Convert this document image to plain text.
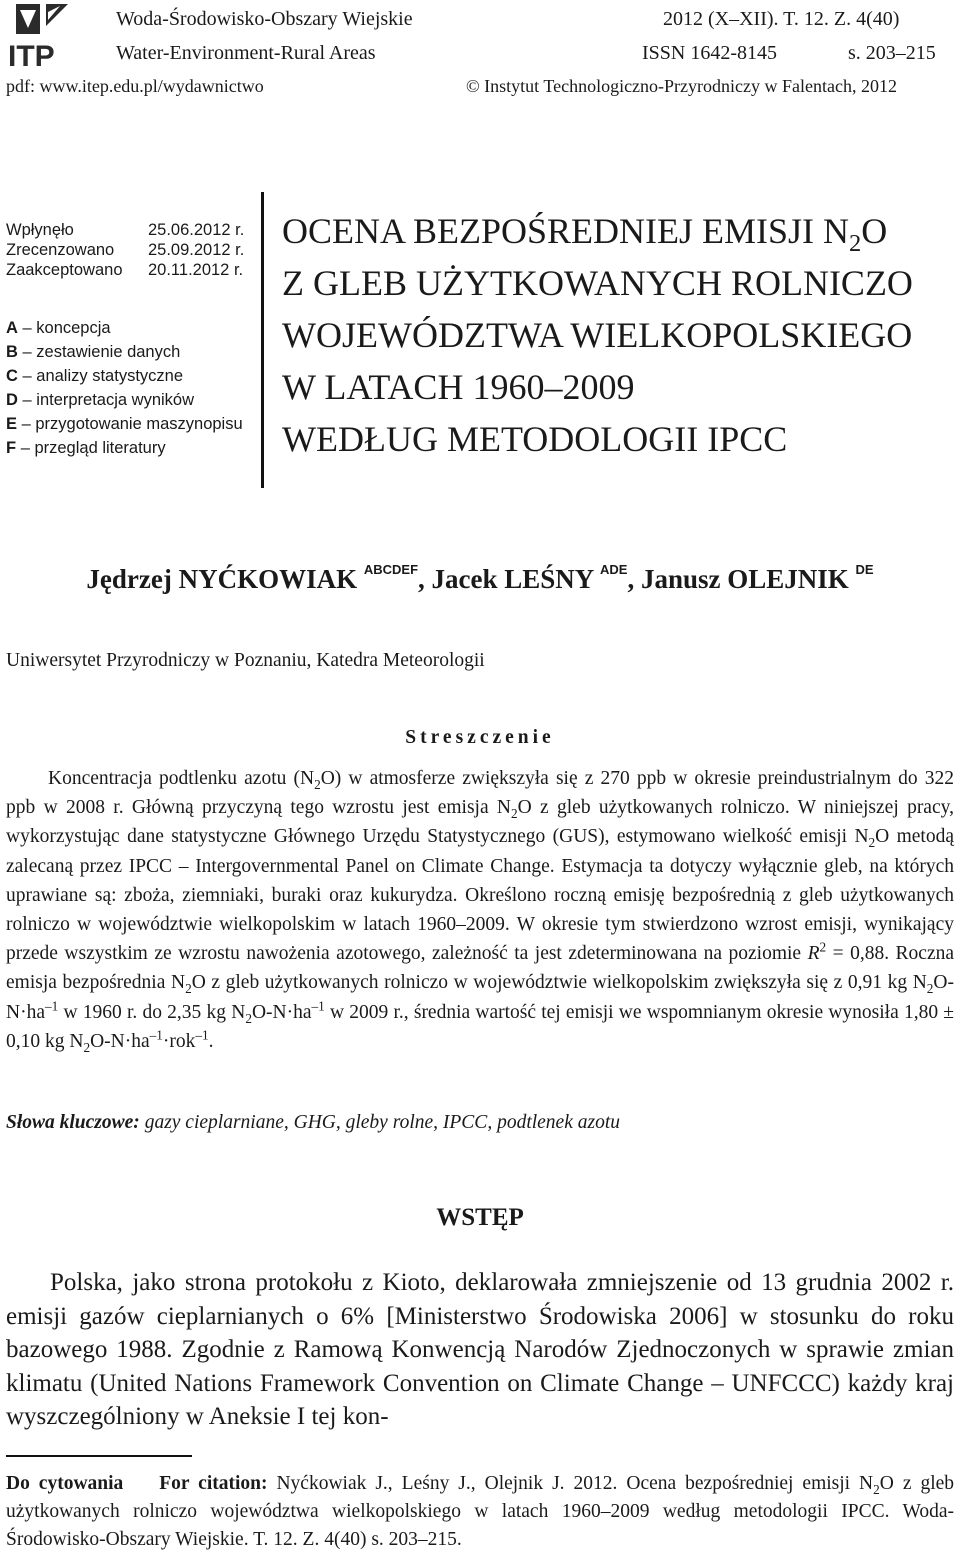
ITP
Woda-Środowisko-Obszary Wiejskie
Water-Environment-Rural Areas
2012 (X–XII). T. 12. Z. 4(40)
ISSN 1642-8145	s. 203–215
pdf: www.itep.edu.pl/wydawnictwo	© Instytut Technologiczno-Przyrodniczy w Falentach, 2012
Wpłynęło	25.06.2012 r.
Zrecenzowano	25.09.2012 r.
Zaakceptowano	20.11.2012 r.
A – koncepcja
B – zestawienie danych
C – analizy statystyczne
D – interpretacja wyników
E – przygotowanie maszynopisu
F – przegląd literatury
OCENA BEZPOŚREDNIEJ EMISJI $N_2O$
Z GLEB UŻYTKOWANYCH ROLNICZO
WOJEWÓDZTWA WIELKOPOLSKIEGO
W LATACH 1960–2009
WEDŁUG METODOLOGII IPCC
Jędrzej NYĆKOWIAK $^{ABCDEF}$, Jacek LEŚNY $^{ADE}$, Janusz OLEJNIK $^{DE}$
Uniwersytet Przyrodniczy w Poznaniu, Katedra Meteorologii
Streszczenie
Koncentracja podtlenku azotu $(N_2O)$ w atmosferze zwiększyła się z 270 ppb w okresie preindustrialnym do 322 ppb w 2008 r. Główną przyczyną tego wzrostu jest emisja $N_2O$ z gleb użytkowanych rolniczo. W niniejszej pracy, wykorzystując dane statystyczne Głównego Urzędu Statystycznego (GUS), estymowano wielkość emisji $N_2O$ metodą zalecaną przez IPCC – Intergovernmental Panel on Climate Change. Estymacja ta dotyczy wyłącznie gleb, na których uprawiane są: zboża, ziemniaki, buraki oraz kukurydza. Określono roczną emisję bezpośrednią z gleb użytkowanych rolniczo w województwie wielkopolskim w latach 1960–2009. W okresie tym stwierdzono wzrost emisji, wynikający przede wszystkim ze wzrostu nawożenia azotowego, zależność ta jest zdeterminowana na poziomie $R^2 = 0,88$. Roczna emisja bezpośrednia $N_2O$ z gleb użytkowanych rolniczo w województwie wielkopolskim zwiększyła się z 0,91 kg $N_2O-N\cdot ha^{-1}$ w 1960 r. do 2,35 kg $N_2O-N\cdot ha^{-1}$ w 2009 r., średnia wartość tej emisji we wspomnianym okresie wynosiła 1,80 ± 0,10 kg $N_2O-N\cdot ha^{-1}\cdot rok^{-1}$.
Słowa kluczowe: gazy cieplarniane, GHG, gleby rolne, IPCC, podtlenek azotu
WSTĘP
Polska, jako strona protokołu z Kioto, deklarowała zmniejszenie od 13 grudnia 2002 r. emisji gazów cieplarnianych o 6% [Ministerstwo Środowiska 2006] w stosunku do roku bazowego 1988. Zgodnie z Ramową Konwencją Narodów Zjednoczonych w sprawie zmian klimatu (United Nations Framework Convention on Climate Change – UNFCCC) każdy kraj wyszczególniony w Aneksie I tej kon-
Do cytowania For citation: Nyćkowiak J., Leśny J., Olejnik J. 2012. Ocena bezpośredniej emisji $N_2O$ z gleb użytkowanych rolniczo województwa wielkopolskiego w latach 1960–2009 według metodologii IPCC. Woda-Środowisko-Obszary Wiejskie. T. 12. Z. 4(40) s. 203–215.
